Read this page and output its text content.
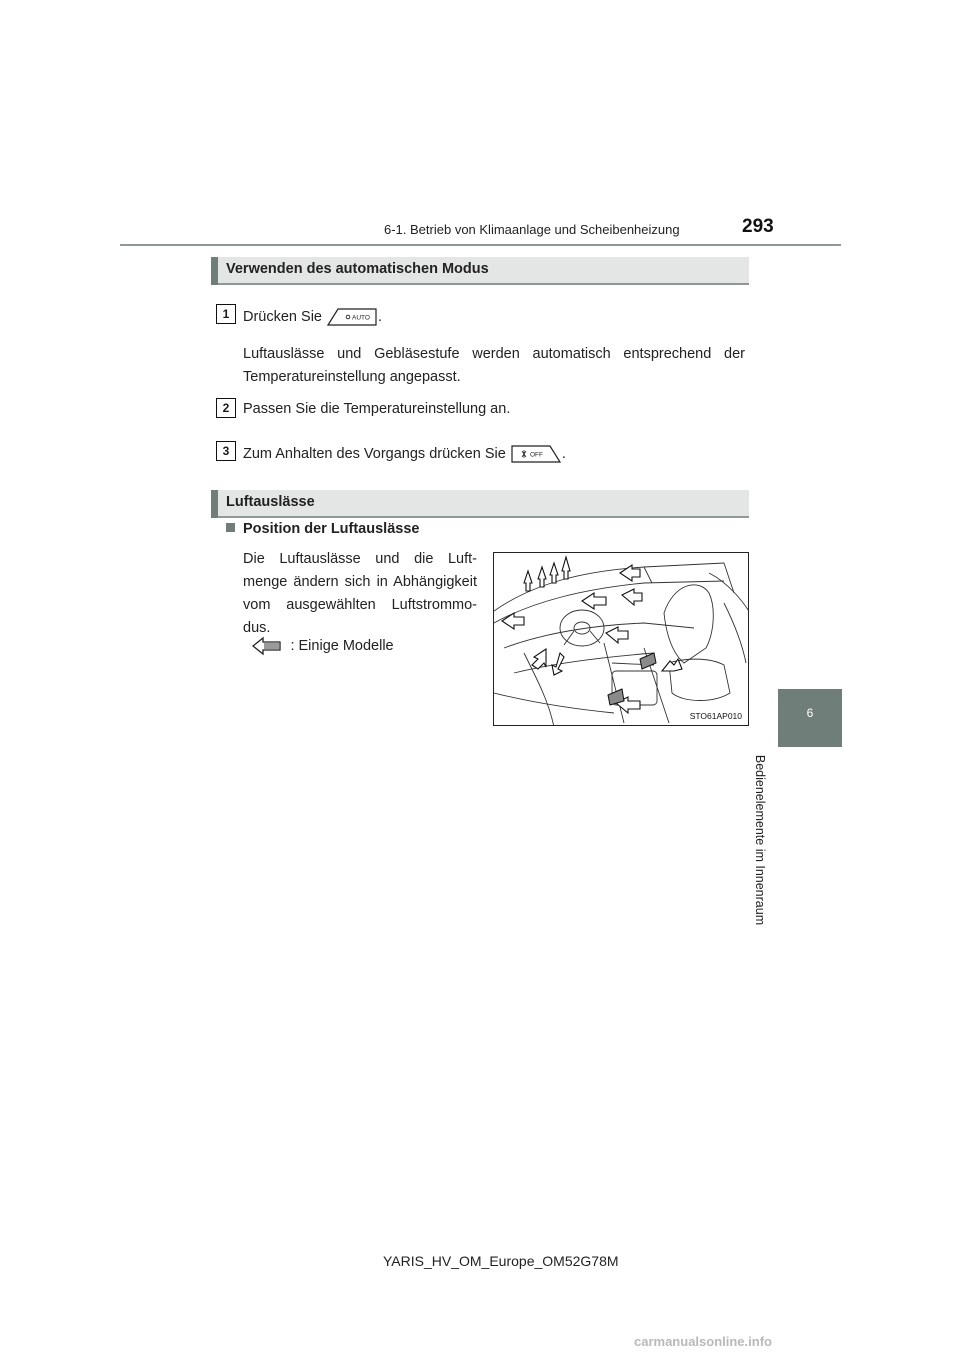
6-1. Betrieb von Klimaanlage und Scheibenheizung	293
6
Bedienelemente im Innenraum
Verwenden des automatischen Modus
1 Drücken Sie	AUTO .
Luftauslässe und Gebläsestufe werden automatisch entsprechend der Temperatureinstellung angepasst.
2 Passen Sie die Temperatureinstellung an.
3 Zum Anhalten des Vorgangs drücken Sie	OFF .
Luftauslässe
Position der Luftauslässe
Die Luftauslässe und die Luft-menge ändern sich in Abhängigkeit vom ausgewählten Luftstrommo-dus.
: Einige Modelle
STO61AP010
YARIS_HV_OM_Europe_OM52G78M
carmanualsonline.info
